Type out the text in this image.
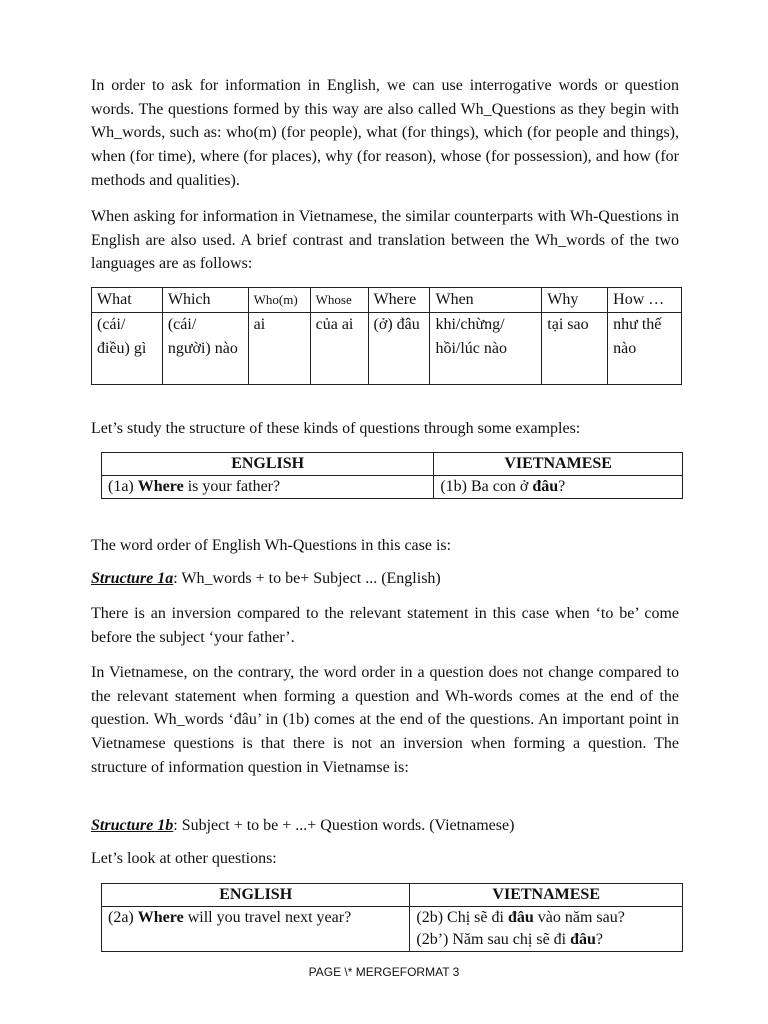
In order to ask for information in English, we can use interrogative words or question words. The questions formed by this way are also called Wh_Questions as they begin with Wh_words, such as: who(m) (for people), what (for things), which (for people and things), when (for time), where (for places), why (for reason), whose (for possession), and how (for methods and qualities).

When asking for information in Vietnamese, the similar counterparts with Wh-Questions in English are also used. A brief contrast and translation between the Wh_words of the two languages are as follows:

What	Which	Who(m)	Whose	Where	When	Why	How …
(cái/ điều) gì	(cái/ người) nào	ai	của ai	(ở) đâu	khi/chừng/ hồi/lúc nào	tại sao	như thế nào

Let’s study the structure of these kinds of questions through some examples:

ENGLISH	VIETNAMESE
(1a) Where is your father?	(1b) Ba con ở đâu?

The word order of English Wh-Questions in this case is:

Structure 1a: Wh_words + to be+ Subject ... (English)

There is an inversion compared to the relevant statement in this case when ‘to be’ come before the subject ‘your father’.

In Vietnamese, on the contrary, the word order in a question does not change compared to the relevant statement when forming a question and Wh-words comes at the end of the question. Wh_words ‘đâu’ in (1b) comes at the end of the questions. An important point in Vietnamese questions is that there is not an inversion when forming a question. The structure of information question in Vietnamse is:

Structure 1b: Subject + to be + ...+ Question words. (Vietnamese)

Let’s look at other questions:

ENGLISH	VIETNAMESE
(2a) Where will you travel next year?	(2b) Chị sẽ đi đâu vào năm sau?
(2b’) Năm sau chị sẽ đi đâu?
PAGE \* MERGEFORMAT 3
